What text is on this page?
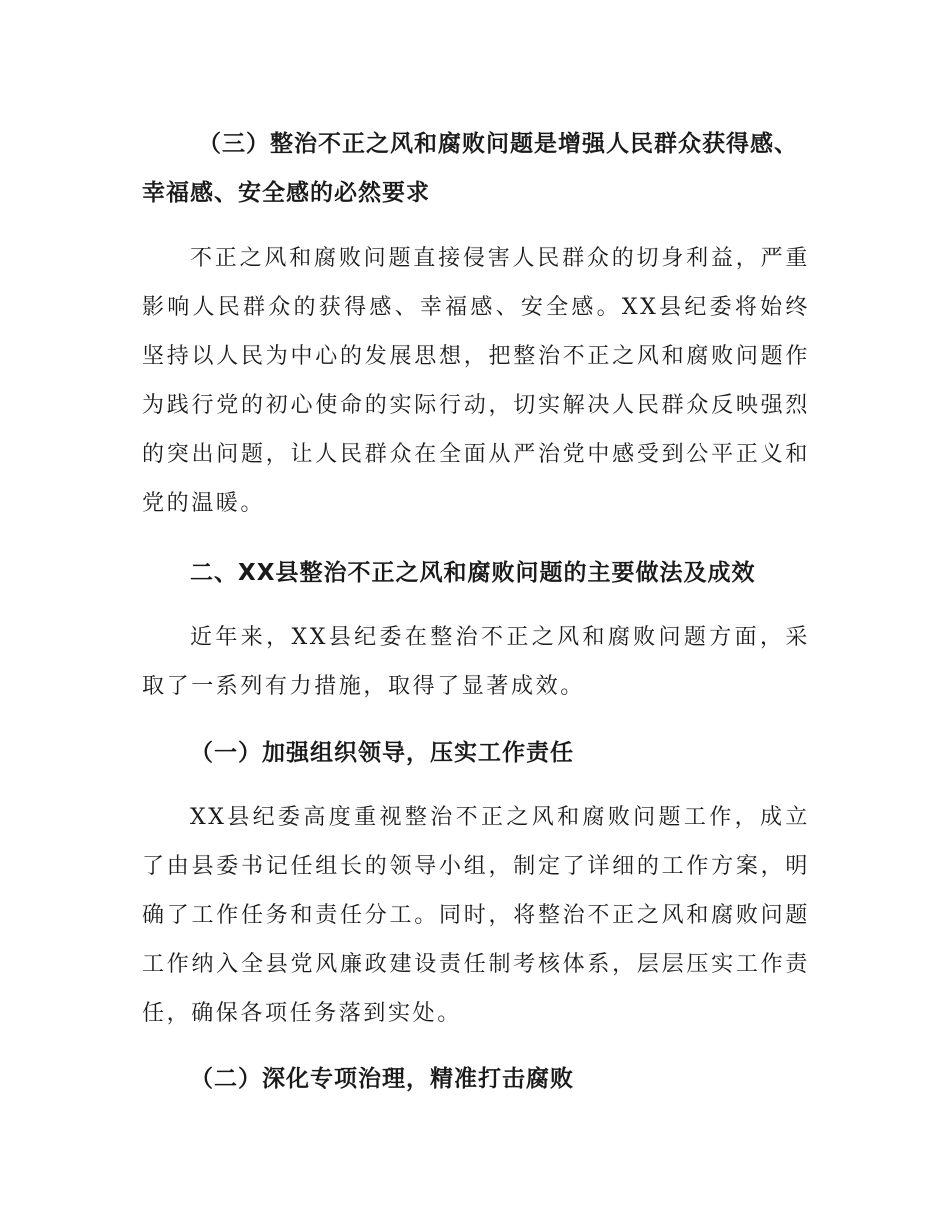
（三）整治不正之风和腐败问题是增强人民群众获得感、幸福感、安全感的必然要求
不正之风和腐败问题直接侵害人民群众的切身利益，严重影响人民群众的获得感、幸福感、安全感。XX县纪委将始终坚持以人民为中心的发展思想，把整治不正之风和腐败问题作为践行党的初心使命的实际行动，切实解决人民群众反映强烈的突出问题，让人民群众在全面从严治党中感受到公平正义和党的温暖。
二、XX县整治不正之风和腐败问题的主要做法及成效
近年来，XX县纪委在整治不正之风和腐败问题方面，采取了一系列有力措施，取得了显著成效。
（一）加强组织领导，压实工作责任
XX县纪委高度重视整治不正之风和腐败问题工作，成立了由县委书记任组长的领导小组，制定了详细的工作方案，明确了工作任务和责任分工。同时，将整治不正之风和腐败问题工作纳入全县党风廉政建设责任制考核体系，层层压实工作责任，确保各项任务落到实处。
（二）深化专项治理，精准打击腐败
